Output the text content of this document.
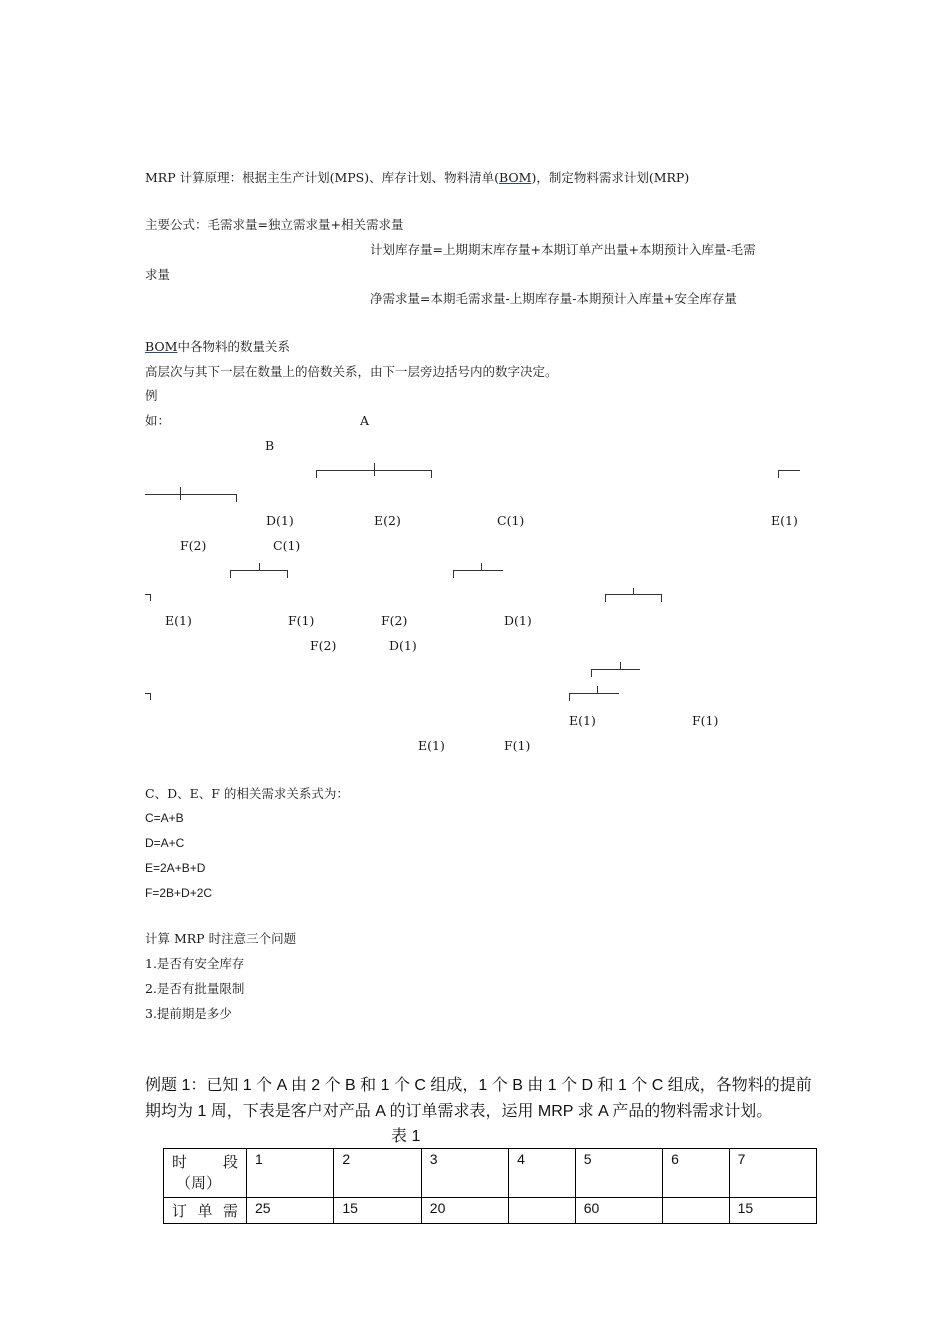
MRP 计算原理：根据主生产计划(MPS)、库存计划、物料清单(BOM)，制定物料需求计划(MRP)
主要公式：毛需求量=独立需求量+相关需求量
计划库存量=上期期末库存量+本期订单产出量+本期预计入库量-毛需
求量
净需求量=本期毛需求量-上期库存量-本期预计入库量+安全库存量
BOM中各物料的数量关系
高层次与其下一层在数量上的倍数关系，由下一层旁边括号内的数字决定。
例
如：	A
B
D(1)	E(2)	C(1)	E(1)
F(2)	C(1)
E(1)	F(1)	F(2)	D(1)
F(2)	D(1)
E(1)	F(1)
E(1)	F(1)
C、D、E、F 的相关需求关系式为：
C=A+B
D=A+C
E=2A+B+D
F=2B+D+2C
计算 MRP 时注意三个问题
1.是否有安全库存
2.是否有批量限制
3.提前期是多少
例题 1：已知 1 个 A 由 2 个 B 和 1 个 C 组成，1 个 B 由 1 个 D 和 1 个 C 组成，各物料的提前
期均为 1 周，下表是客户对产品 A 的订单需求表，运用 MRP 求 A 产品的物料需求计划。
表 1
时段
（周）	1	2	3	4	5	6	7
订单需	25	15	20		60		15
